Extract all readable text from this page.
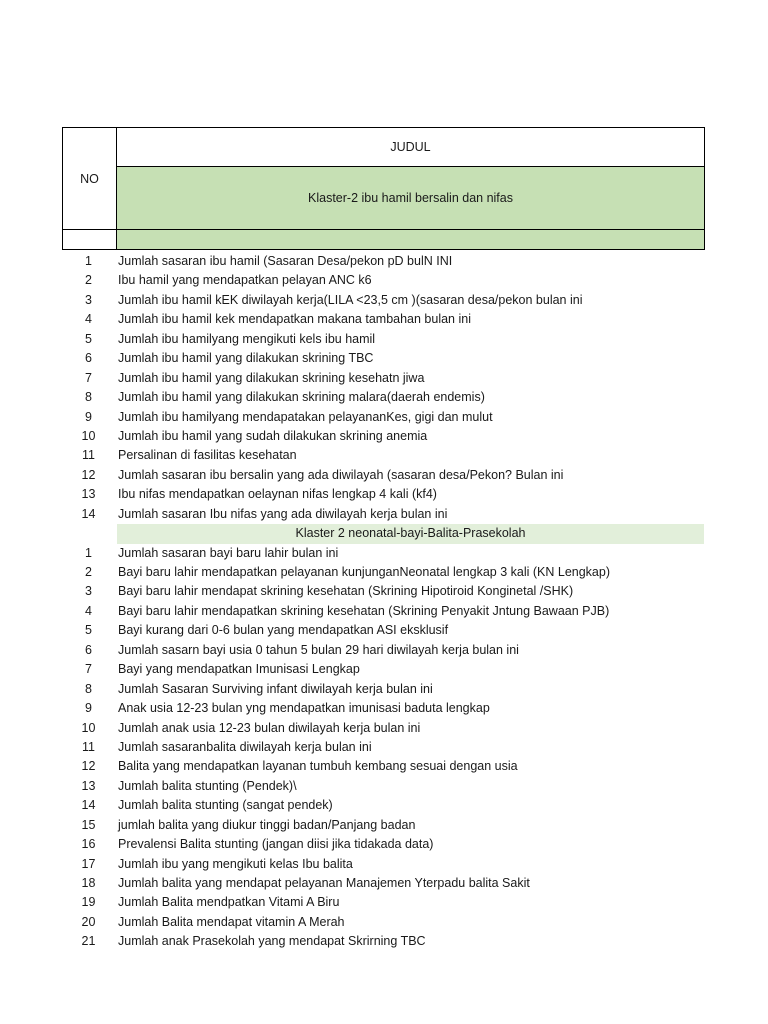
NO	JUDUL
	Klaster-2 ibu hamil bersalin dan nifas

1	Jumlah sasaran ibu hamil (Sasaran Desa/pekon pD bulN INI
2	Ibu hamil yang mendapatkan pelayan ANC k6
3	Jumlah ibu hamil kEK diwilayah kerja(LILA <23,5 cm )(sasaran desa/pekon bulan ini
4	Jumlah ibu hamil kek mendapatkan makana tambahan bulan ini
5	Jumlah ibu hamilyang mengikuti kels ibu hamil
6	Jumlah ibu hamil yang dilakukan skrining TBC
7	Jumlah ibu hamil yang dilakukan skrining kesehatn jiwa
8	Jumlah ibu hamil yang dilakukan skrining malara(daerah endemis)
9	Jumlah ibu hamilyang mendapatakan pelayananKes, gigi dan mulut
10	Jumlah ibu hamil yang sudah dilakukan skrining anemia
11	Persalinan di fasilitas kesehatan
12	Jumlah sasaran ibu bersalin yang ada diwilayah (sasaran desa/Pekon? Bulan ini
13	Ibu nifas mendapatkan oelaynan nifas lengkap 4 kali (kf4)
14	Jumlah sasaran Ibu nifas yang ada diwilayah kerja bulan ini
Klaster 2 neonatal-bayi-Balita-Prasekolah
1	Jumlah sasaran bayi baru lahir bulan ini
2	Bayi baru lahir mendapatkan pelayanan kunjunganNeonatal lengkap 3 kali (KN Lengkap)
3	Bayi baru lahir mendapat skrining kesehatan (Skrining Hipotiroid Konginetal /SHK)
4	Bayi baru lahir mendapatkan skrining kesehatan (Skrining Penyakit Jntung Bawaan PJB)
5	Bayi kurang dari 0-6 bulan yang mendapatkan ASI eksklusif
6	Jumlah sasarn bayi usia 0 tahun 5 bulan 29 hari diwilayah kerja bulan ini
7	Bayi yang mendapatkan Imunisasi Lengkap
8	Jumlah Sasaran Surviving infant diwilayah kerja bulan ini
9	Anak usia 12-23 bulan yng mendapatkan imunisasi baduta lengkap
10	Jumlah anak usia 12-23 bulan diwilayah kerja bulan ini
11	Jumlah sasaranbalita diwilayah kerja bulan ini
12	Balita yang mendapatkan layanan tumbuh kembang sesuai dengan usia
13	Jumlah balita stunting (Pendek)\
14	Jumlah balita stunting (sangat pendek)
15	jumlah balita yang diukur tinggi badan/Panjang badan
16	Prevalensi Balita stunting (jangan diisi jika tidakada data)
17	Jumlah ibu yang mengikuti kelas Ibu balita
18	Jumlah balita yang mendapat pelayanan Manajemen Yterpadu balita Sakit
19	Jumlah Balita mendpatkan Vitami A Biru
20	Jumlah Balita mendapat vitamin A Merah
21	Jumlah anak Prasekolah yang mendapat Skrirning TBC
